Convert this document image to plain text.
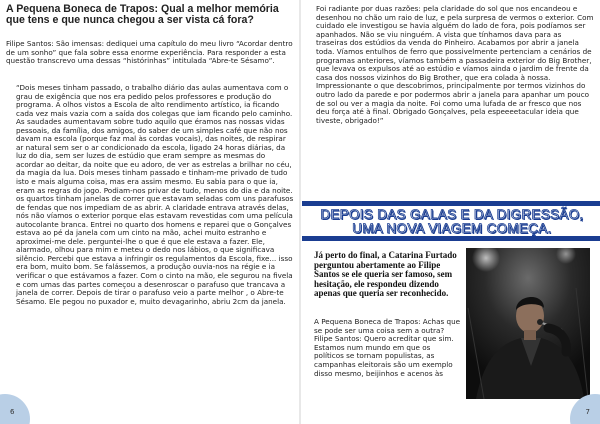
A Pequena Boneca de Trapos: Qual a melhor memória que tens e que nunca chegou a ser vista cá fora?
Filipe Santos: São imensas: dediquei uma capítulo do meu livro “Acordar dentro de um sonho” que fala sobre essa enorme experiência. Para responder a esta questão transcrevo uma dessas “histórinhas” intitulada “Abre-te Sésamo”.
“Dois meses tinham passado, o trabalho diário das aulas aumentava com o grau de exigência que nos era pedido pelos professores e produção do programa. A olhos vistos a Escola de alto rendimento artístico, ia ficando cada vez mais vazia com a saída dos colegas que iam ficando pelo caminho. As saudades aumentavam sobre tudo aquilo que éramos nas nossas vidas pessoais, da família, dos amigos, do saber de um simples café que não nos davam na escola (porque faz mal às cordas vocais), das noites, de respirar ar natural sem ser o ar condicionado da escola, ligado 24 horas diárias, da luz do dia, sem ser luzes de estúdio que eram sempre as mesmas do acordar ao deitar, da noite que eu adoro, de ver as estrelas a brilhar no céu, da magia da lua. Dois meses tinham passado e tinham-me privado de tudo isto e mais alguma coisa, mas era assim mesmo. Eu sabia para o que ia, eram as regras do jogo. Podiam-nos privar de tudo, menos do dia e da noite. os quartos tinham janelas de correr que estavam seladas com uns parafusos de fendas que nos impediam de as abrir. A claridade entrava através delas, nós não víamos o exterior porque elas estavam revestidas com uma película autocolante branca. Entrei no quarto dos homens e reparei que o Gonçalves estava ao pé da janela com um cinto na mão, achei muito estranho e aproximei-me dele. perguntei-lhe o que é que ele estava a fazer. Ele, alarmado, olhou para mim e meteu o dedo nos lábios, o que significava silêncio. Percebi que estava a infringir os regulamentos da Escola, fixe... isso era bom, muito bom. Se falássemos, a produção ouvia-nos na régie e ia verificar o que estávamos a fazer. Com o cinto na mão, ele segurou na fivela e com umas das partes começou a desenroscar o parafuso que trancava a janela de correr. Depois de tirar o parafuso veio a parte melhor , o Abre-te Sésamo. Ele pegou no puxador e, muito devagarinho, abriu 2cm da janela.
6
Foi radiante por duas razões: pela claridade do sol que nos encandeou e desenhou no chão um raio de luz, e pela surpresa de vermos o exterior. Com cuidado ele investigou se havia alguém do lado de fora, pois podíamos ser apanhados. Não se viu ninguém. A vista que tínhamos dava para as traseiras dos estúdios da venda do Pinheiro. Acabamos por abrir a janela toda. Víamos entulhos de ferro que possivelmente pertenciam a cenários de programas anteriores, víamos também a passadeira exterior do Big Brother, que levava os expulsos até ao estúdio e víamos ainda o jardim de frente da casa dos nossos vizinhos do Big Brother, que era colada à nossa. Impressionante o que descobrimos, principalmente por termos vizinhos do outro lado da parede e por podermos abrir a janela para apanhar um pouco de sol ou ver a magia da noite. Foi como uma lufada de ar fresco que nos deu força até à final. Obrigado Gonçalves, pela espeeeetacular ideia que tiveste, obrigado!”
DEPOIS DAS GALAS E DA DIGRESSÃO, UMA NOVA VIAGEM COMEÇA.
Já perto do final, a Catarina Furtado perguntou abertamente ao Filipe Santos se ele queria ser famoso, sem hesitação, ele respondeu dizendo apenas que queria ser reconhecido.
A Pequena Boneca de Trapos: Achas que se pode ser uma coisa sem a outra? Filipe Santos: Quero acreditar que sim. Estamos num mundo em que os políticos se tornam populistas, as campanhas eleitorais são um exemplo disso mesmo, beijinhos e acenos às
7
